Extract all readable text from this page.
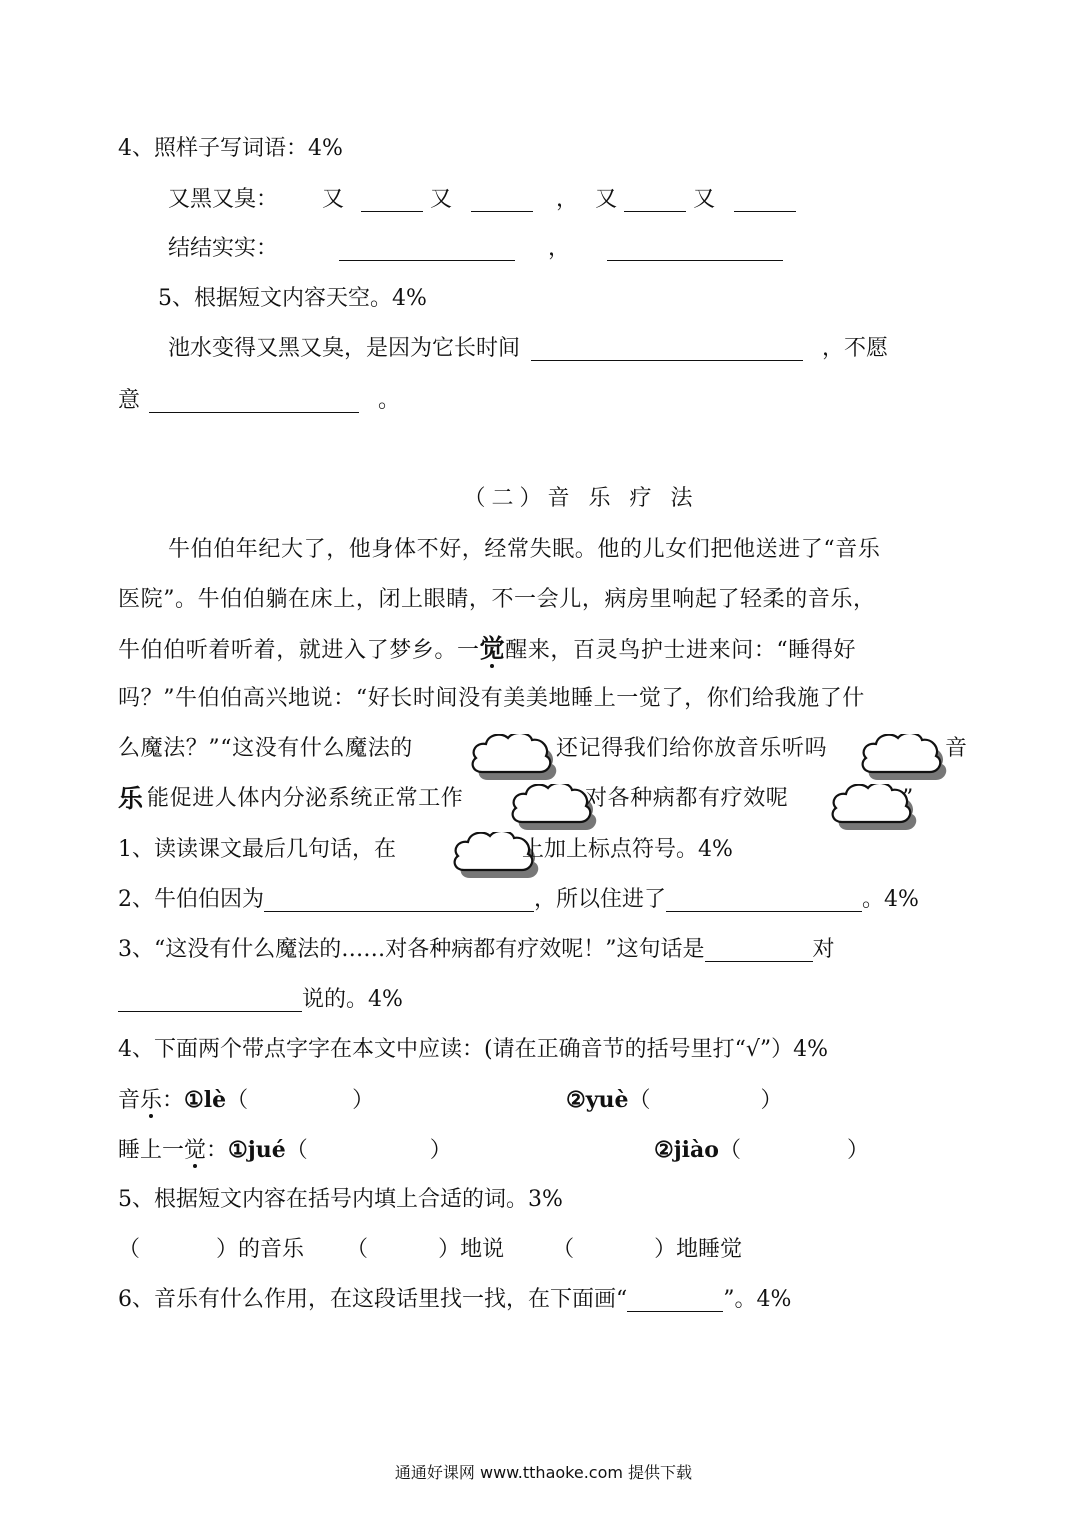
4、照样子写词语：4%
又黑又臭： 又	又	， 又	又
结结实实：	，
5、根据短文内容天空。4%
池水变得又黑又臭，是因为它长时间	，不愿
意	。
（二）音 乐 疗 法
牛伯伯年纪大了，他身体不好，经常失眠。他的儿女们把他送进了“音乐
医院”。牛伯伯躺在床上，闭上眼睛，不一会儿，病房里响起了轻柔的音乐，
牛伯伯听着听着，就进入了梦乡。一觉醒来，百灵鸟护士进来问：“睡得好
吗？”牛伯伯高兴地说：“好长时间没有美美地睡上一觉了，你们给我施了什
么魔法？”“这没有什么魔法的	还记得我们给你放音乐听吗	音
乐 能促进人体内分泌系统正常工作	对各种病都有疗效呢	”
1、读读课文最后几句话，在	上加上标点符号。4%
2、牛伯伯因为	，所以住进了	。4%
3、“这没有什么魔法的……对各种病都有疗效呢！”这句话是	对
说的。4%
4、下面两个带点字字在本文中应读：(请在正确音节的括号里打“√”）4%
音乐：①lè（	）	②yuè（	）
睡上一觉：①jué（	）	②jiào（	）
5、根据短文内容在括号内填上合适的词。3%
（	）的音乐 （	）地说 （	）地睡觉
6、音乐有什么作用，在这段话里找一找，在下面画“	”。4%
通通好课网 www.tthaoke.com 提供下载
